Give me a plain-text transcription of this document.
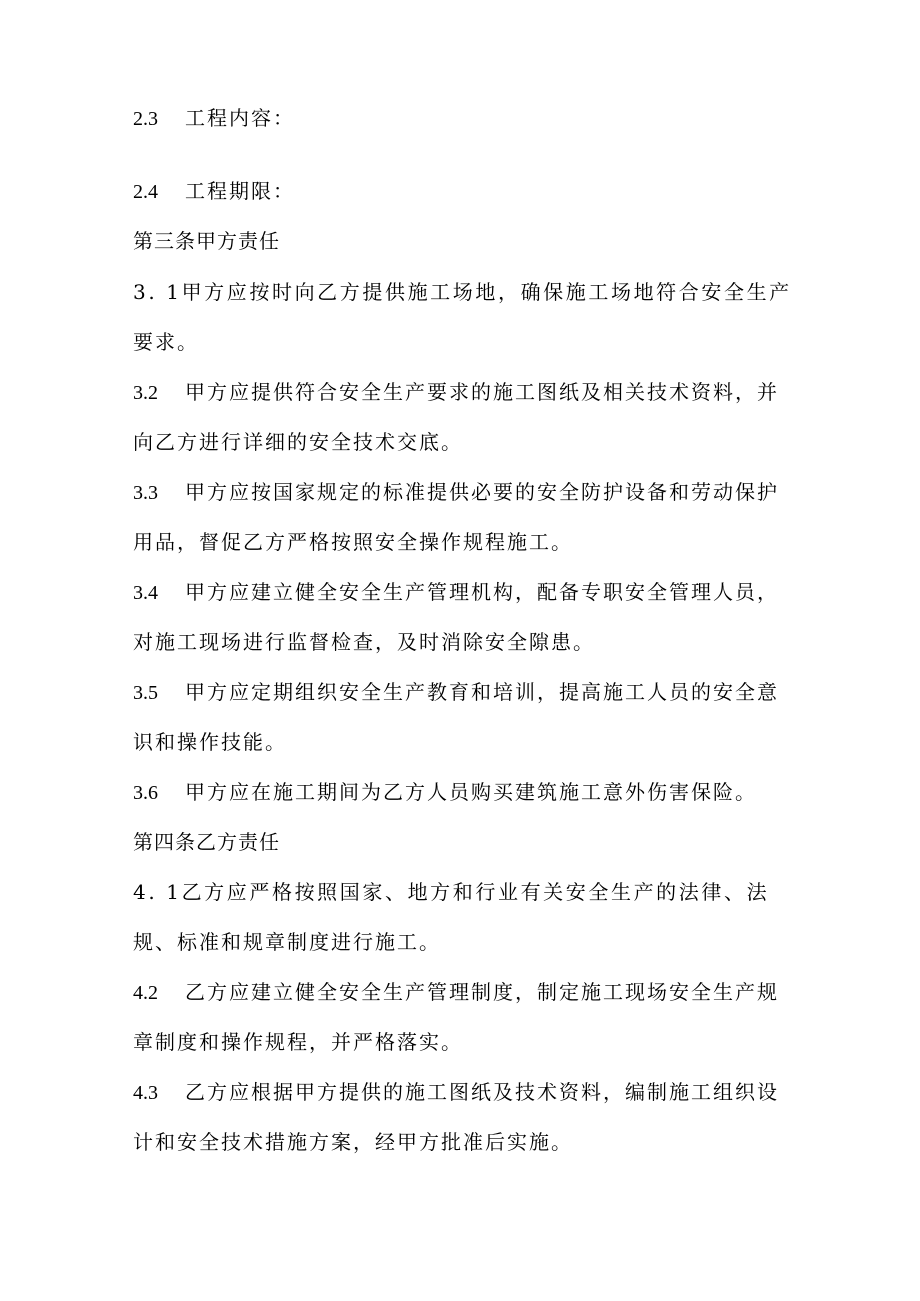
2.3 工程内容：
2.4 工程期限：
第三条甲方责任
3. 1甲方应按时向乙方提供施工场地，确保施工场地符合安全生产
要求。
3.2 甲方应提供符合安全生产要求的施工图纸及相关技术资料，并
向乙方进行详细的安全技术交底。
3.3 甲方应按国家规定的标准提供必要的安全防护设备和劳动保护
用品，督促乙方严格按照安全操作规程施工。
3.4 甲方应建立健全安全生产管理机构，配备专职安全管理人员，
对施工现场进行监督检查，及时消除安全隙患。
3.5 甲方应定期组织安全生产教育和培训，提高施工人员的安全意
识和操作技能。
3.6 甲方应在施工期间为乙方人员购买建筑施工意外伤害保险。
第四条乙方责任
4. 1乙方应严格按照国家、地方和行业有关安全生产的法律、法
规、标准和规章制度进行施工。
4.2 乙方应建立健全安全生产管理制度，制定施工现场安全生产规
章制度和操作规程，并严格落实。
4.3 乙方应根据甲方提供的施工图纸及技术资料，编制施工组织设
计和安全技术措施方案，经甲方批准后实施。
